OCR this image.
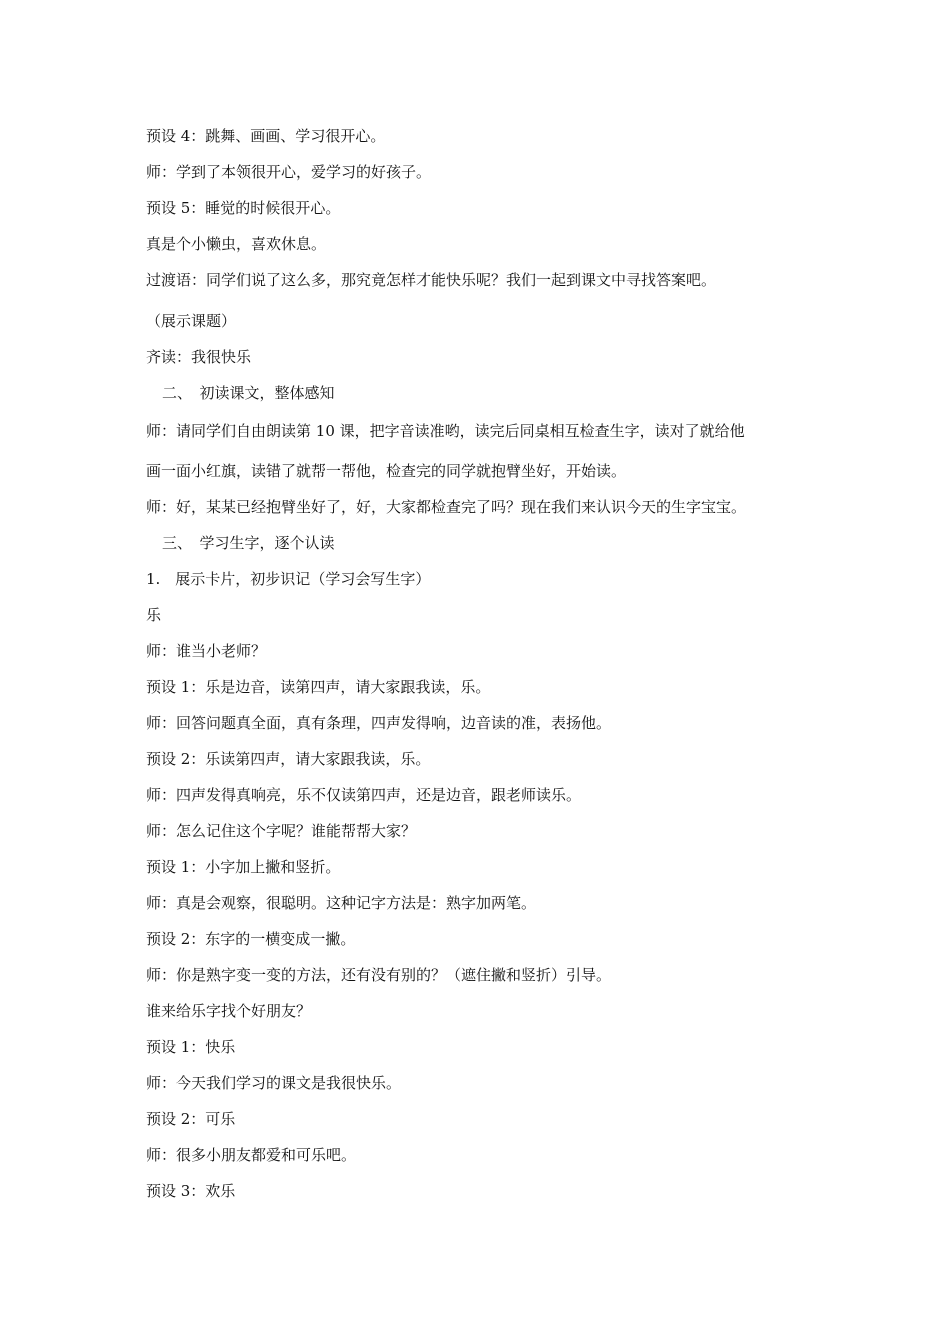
预设 4：跳舞、画画、学习很开心。
师：学到了本领很开心，爱学习的好孩子。
预设 5：睡觉的时候很开心。
真是个小懒虫，喜欢休息。
过渡语：同学们说了这么多，那究竟怎样才能快乐呢？我们一起到课文中寻找答案吧。
（展示课题）
齐读：我很快乐
二、　初读课文，整体感知
师：请同学们自由朗读第 10 课，把字音读准哟，读完后同桌相互检查生字，读对了就给他
画一面小红旗，读错了就帮一帮他，检查完的同学就抱臂坐好，开始读。
师：好，某某已经抱臂坐好了，好，大家都检查完了吗？现在我们来认识今天的生字宝宝。
三、　学习生字，逐个认读
1.　展示卡片，初步识记（学习会写生字）
乐
师：谁当小老师？
预设 1：乐是边音，读第四声，请大家跟我读，乐。
师：回答问题真全面，真有条理，四声发得响，边音读的准，表扬他。
预设 2：乐读第四声，请大家跟我读，乐。
师：四声发得真响亮，乐不仅读第四声，还是边音，跟老师读乐。
师：怎么记住这个字呢？谁能帮帮大家？
预设 1：小字加上撇和竖折。
师：真是会观察，很聪明。这种记字方法是：熟字加两笔。
预设 2：东字的一横变成一撇。
师：你是熟字变一变的方法，还有没有别的？（遮住撇和竖折）引导。
谁来给乐字找个好朋友？
预设 1：快乐
师：今天我们学习的课文是我很快乐。
预设 2：可乐
师：很多小朋友都爱和可乐吧。
预设 3：欢乐
